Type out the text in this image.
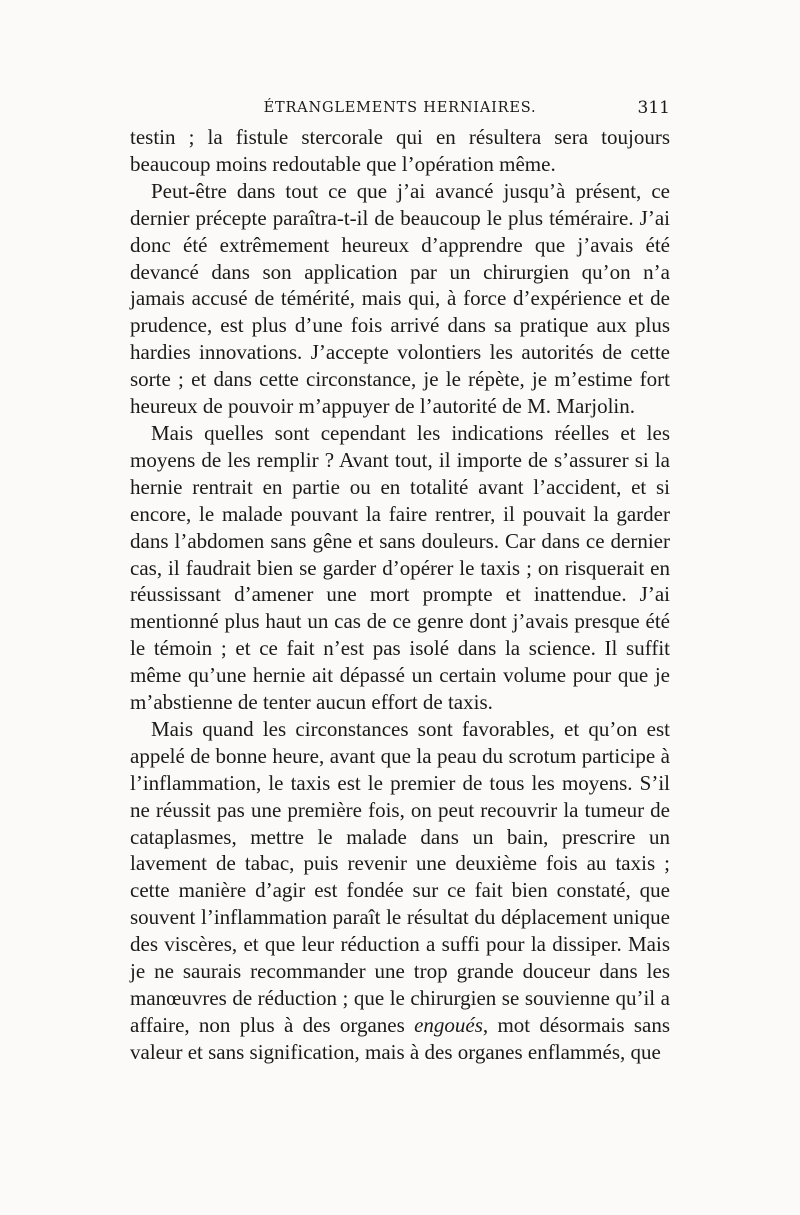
ÉTRANGLEMENTS HERNIAIRES.	311

testin ; la fistule stercorale qui en résultera sera toujours beaucoup moins redoutable que l’opération même.

Peut-être dans tout ce que j’ai avancé jusqu’à présent, ce dernier précepte paraîtra-t-il de beaucoup le plus téméraire. J’ai donc été extrêmement heureux d’apprendre que j’avais été devancé dans son application par un chirurgien qu’on n’a jamais accusé de témérité, mais qui, à force d’expérience et de prudence, est plus d’une fois arrivé dans sa pratique aux plus hardies innovations. J’accepte volontiers les autorités de cette sorte ; et dans cette circonstance, je le répète, je m’estime fort heureux de pouvoir m’appuyer de l’autorité de M. Marjolin.

Mais quelles sont cependant les indications réelles et les moyens de les remplir ? Avant tout, il importe de s’assurer si la hernie rentrait en partie ou en totalité avant l’accident, et si encore, le malade pouvant la faire rentrer, il pouvait la garder dans l’abdomen sans gêne et sans douleurs. Car dans ce dernier cas, il faudrait bien se garder d’opérer le taxis ; on risquerait en réussissant d’amener une mort prompte et inattendue. J’ai mentionné plus haut un cas de ce genre dont j’avais presque été le témoin ; et ce fait n’est pas isolé dans la science. Il suffit même qu’une hernie ait dépassé un certain volume pour que je m’abstienne de tenter aucun effort de taxis.

Mais quand les circonstances sont favorables, et qu’on est appelé de bonne heure, avant que la peau du scrotum participe à l’inflammation, le taxis est le premier de tous les moyens. S’il ne réussit pas une première fois, on peut recouvrir la tumeur de cataplasmes, mettre le malade dans un bain, prescrire un lavement de tabac, puis revenir une deuxième fois au taxis ; cette manière d’agir est fondée sur ce fait bien constaté, que souvent l’inflammation paraît le résultat du déplacement unique des viscères, et que leur réduction a suffi pour la dissiper. Mais je ne saurais recommander une trop grande douceur dans les manœuvres de réduction ; que le chirurgien se souvienne qu’il a affaire, non plus à des organes engoués, mot désormais sans valeur et sans signification, mais à des organes enflammés, que
